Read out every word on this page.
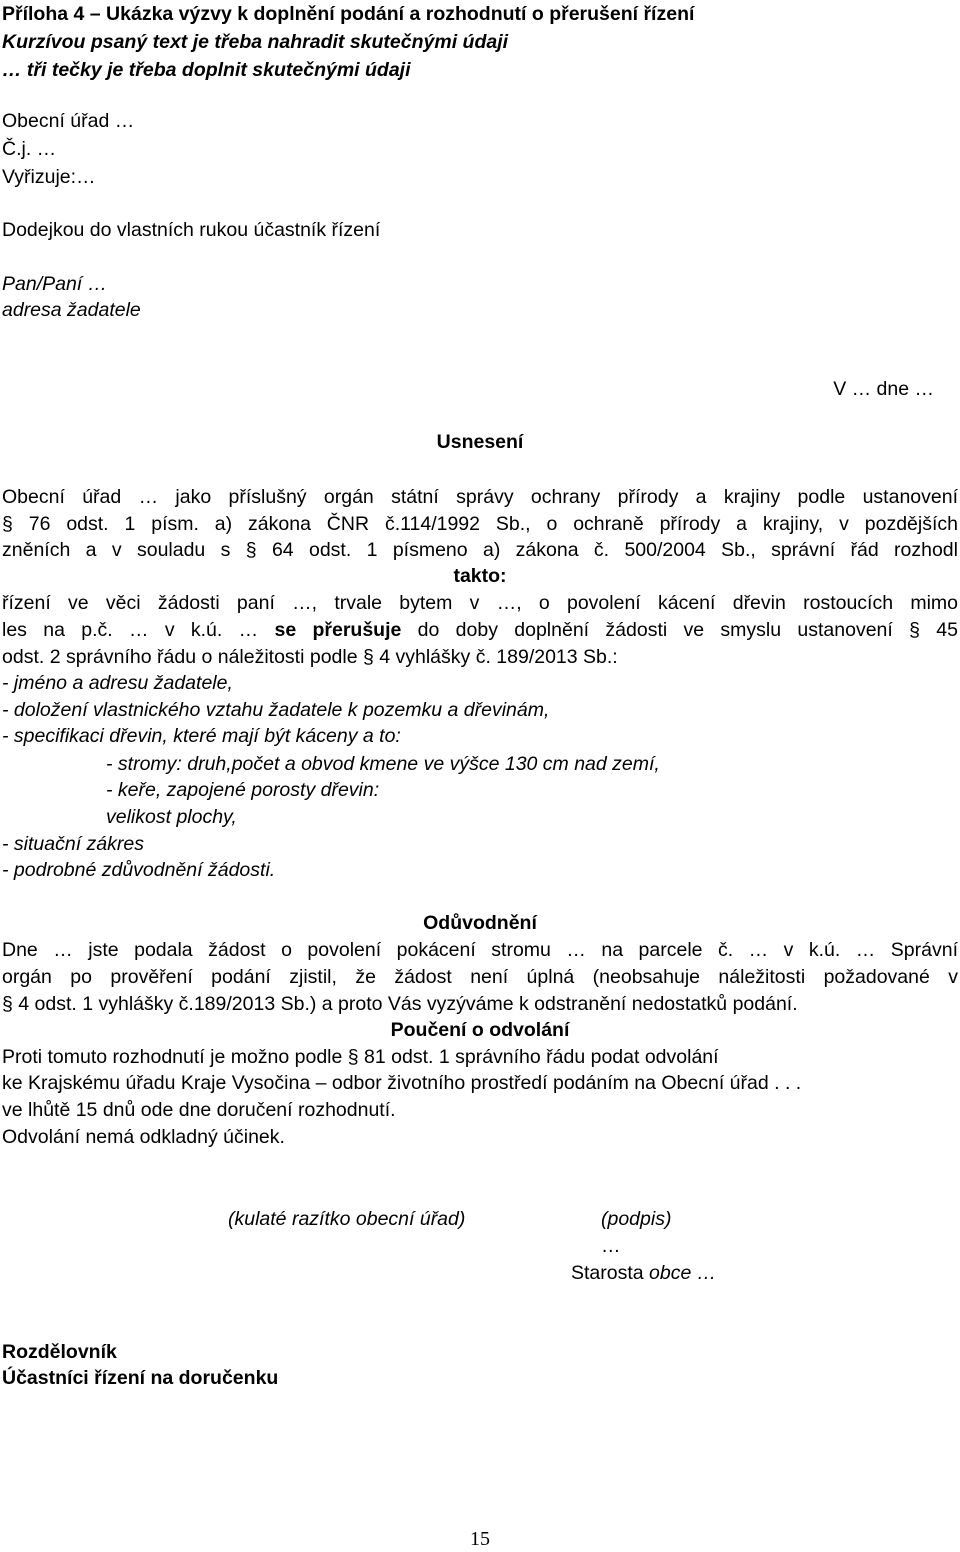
Příloha 4 – Ukázka výzvy k doplnění podání a rozhodnutí o přerušení řízení
Kurzívou psaný text je třeba nahradit skutečnými údaji
… tři tečky je třeba doplnit skutečnými údaji
Obecní úřad …
Č.j. …
Vyřizuje:…
Dodejkou do vlastních rukou účastník řízení
Pan/Paní …
adresa žadatele
V … dne …
Usnesení
Obecní úřad … jako příslušný orgán státní správy ochrany přírody a krajiny podle ustanovení
§ 76 odst. 1 písm. a) zákona ČNR č.114/1992 Sb., o ochraně přírody a krajiny, v pozdějších
zněních a v souladu s § 64 odst. 1 písmeno a) zákona č. 500/2004 Sb., správní řád rozhodl
takto:
řízení ve věci žádosti paní …, trvale bytem v …, o povolení kácení dřevin rostoucích mimo
les na p.č. … v k.ú. … se přerušuje do doby doplnění žádosti ve smyslu ustanovení § 45
odst. 2 správního řádu o náležitosti podle § 4 vyhlášky č. 189/2013 Sb.:
- jméno a adresu žadatele,
- doložení vlastnického vztahu žadatele k pozemku a dřevinám,
- specifikaci dřevin, které mají být káceny a to:
- stromy: druh,počet a obvod kmene ve výšce 130 cm nad zemí,
- keře, zapojené porosty dřevin:
velikost plochy,
- situační zákres
- podrobné zdůvodnění žádosti.
Odůvodnění
Dne … jste podala žádost o povolení pokácení stromu … na parcele č. … v k.ú. … Správní
orgán po prověření podání zjistil, že žádost není úplná (neobsahuje náležitosti požadované v
§ 4 odst. 1 vyhlášky č.189/2013 Sb.) a proto Vás vyzýváme k odstranění nedostatků podání.
Poučení o odvolání
Proti tomuto rozhodnutí je možno podle § 81 odst. 1 správního řádu podat odvolání
ke Krajskému úřadu Kraje Vysočina – odbor životního prostředí podáním na Obecní úřad . . .
ve lhůtě 15 dnů ode dne doručení rozhodnutí.
Odvolání nemá odkladný účinek.
(kulaté razítko obecní úřad)	(podpis)
…
Starosta obce …
Rozdělovník
Účastníci řízení na doručenku
15
